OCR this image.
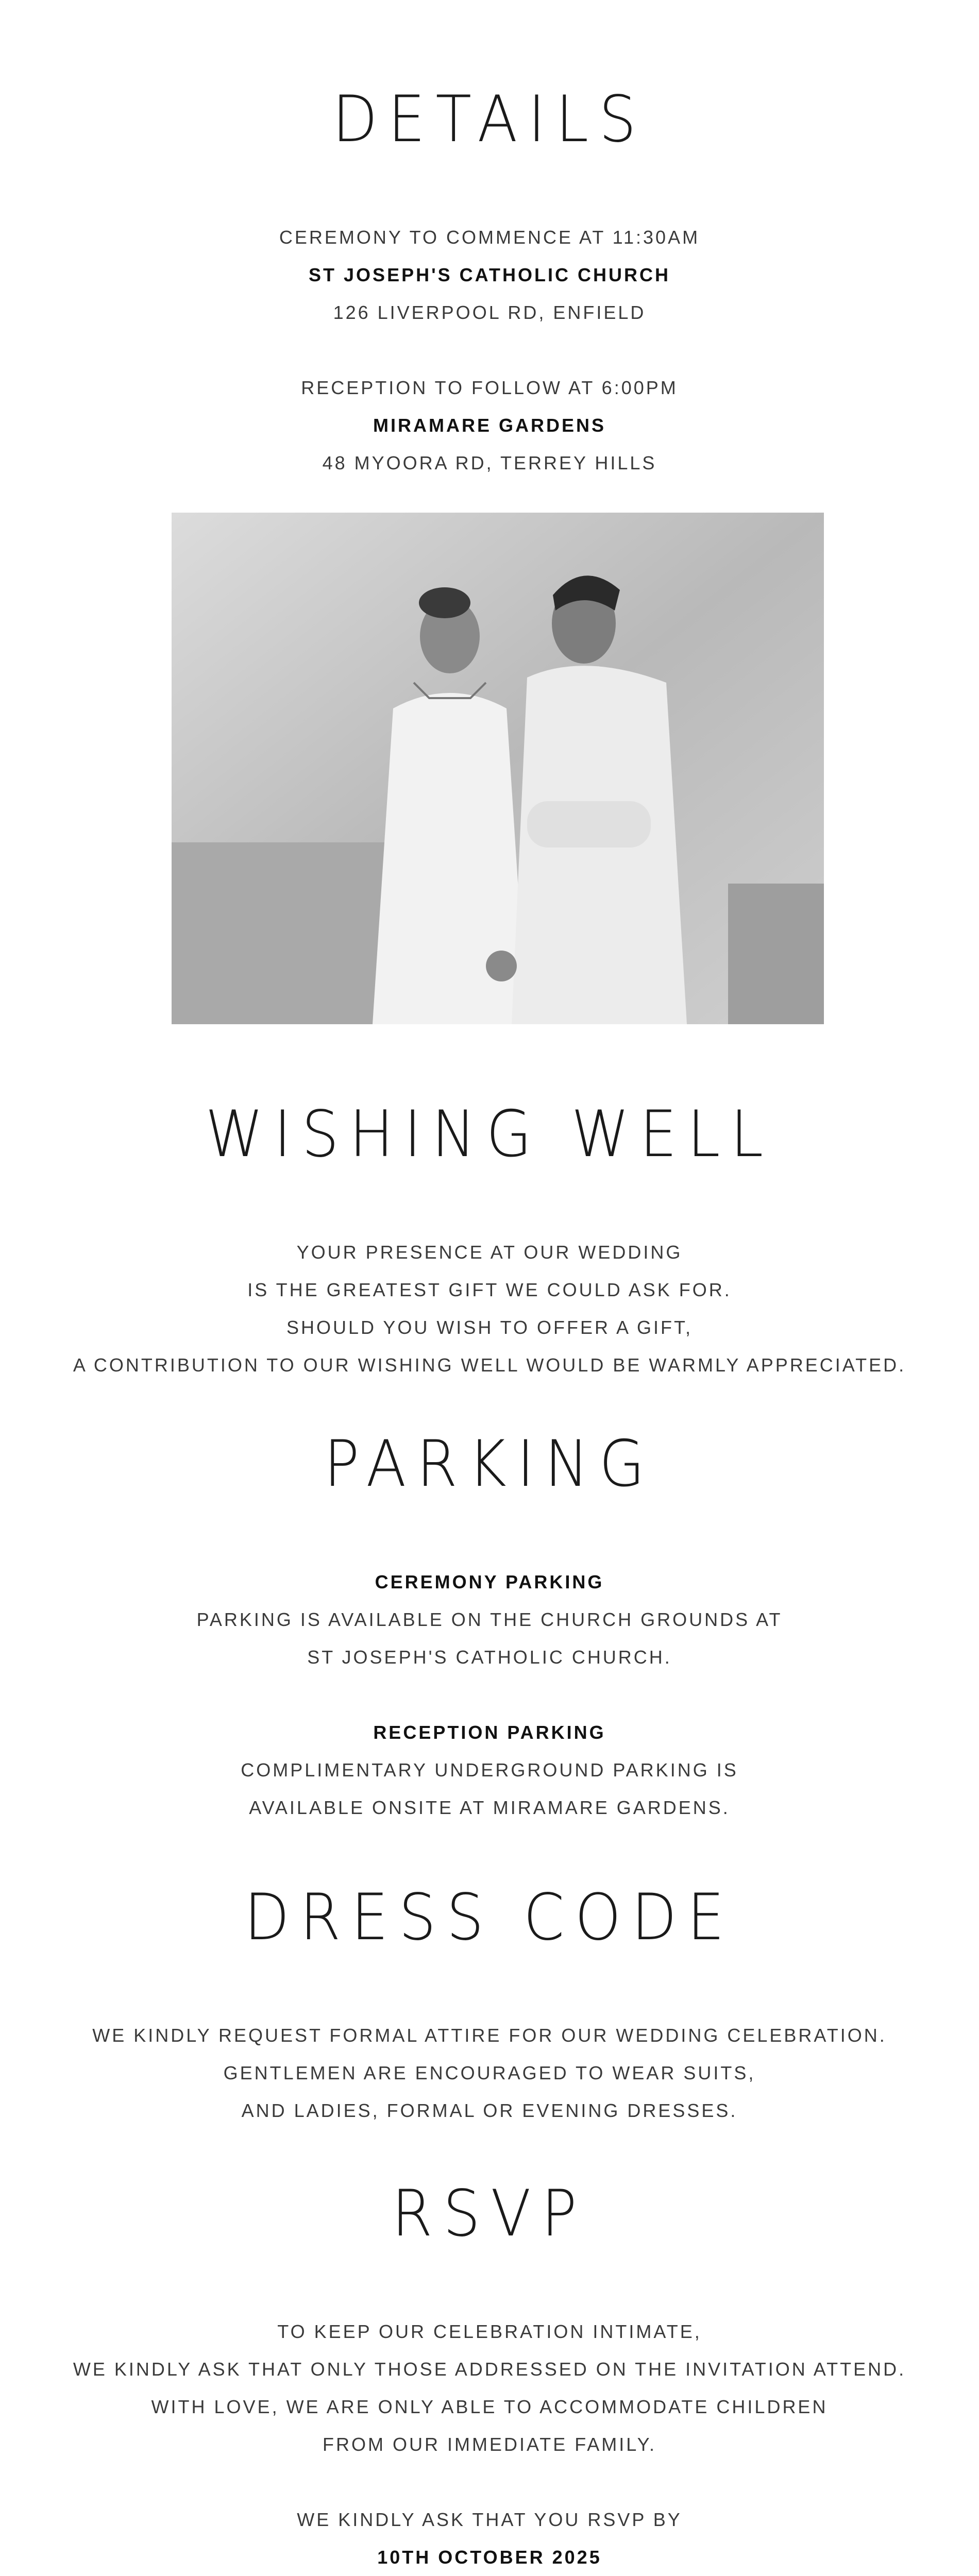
DETAILS

CEREMONY TO COMMENCE AT 11:30AM

ST JOSEPH'S CATHOLIC CHURCH

126 LIVERPOOL RD, ENFIELD

RECEPTION TO FOLLOW AT 6:00PM

MIRAMARE GARDENS

48 MYOORA RD, TERREY HILLS

WISHING WELL

YOUR PRESENCE AT OUR WEDDING

IS THE GREATEST GIFT WE COULD ASK FOR.

SHOULD YOU WISH TO OFFER A GIFT,

A CONTRIBUTION TO OUR WISHING WELL WOULD BE WARMLY APPRECIATED.

PARKING

CEREMONY PARKING

PARKING IS AVAILABLE ON THE CHURCH GROUNDS AT

ST JOSEPH'S CATHOLIC CHURCH.

RECEPTION PARKING

COMPLIMENTARY UNDERGROUND PARKING IS

AVAILABLE ONSITE AT MIRAMARE GARDENS.

DRESS CODE

WE KINDLY REQUEST FORMAL ATTIRE FOR OUR WEDDING CELEBRATION.

GENTLEMEN ARE ENCOURAGED TO WEAR SUITS,

AND LADIES, FORMAL OR EVENING DRESSES.

RSVP

TO KEEP OUR CELEBRATION INTIMATE,

WE KINDLY ASK THAT ONLY THOSE ADDRESSED ON THE INVITATION ATTEND.

WITH LOVE, WE ARE ONLY ABLE TO ACCOMMODATE CHILDREN

FROM OUR IMMEDIATE FAMILY.

WE KINDLY ASK THAT YOU RSVP BY

10TH OCTOBER 2025
